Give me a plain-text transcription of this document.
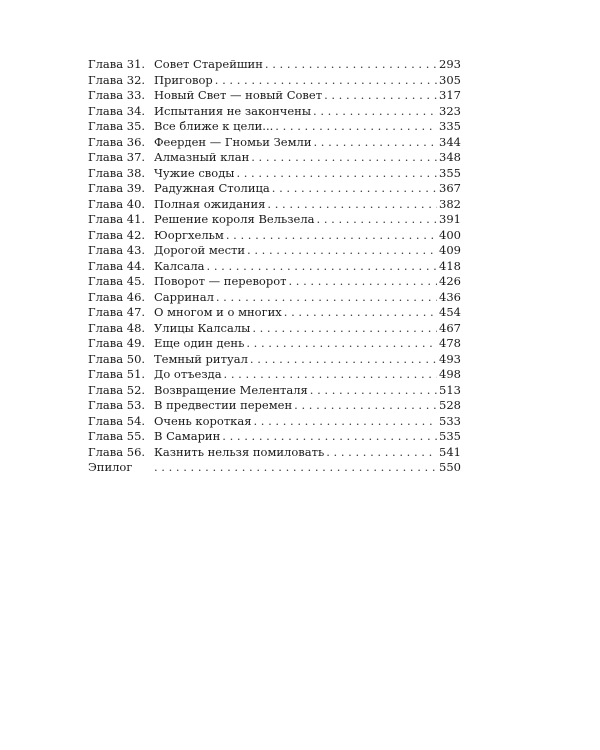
Глава 31. Совет Старейшин . . .	293
Глава 32. Приговор . . .	305
Глава 33. Новый Свет — новый Совет . . .	317
Глава 34. Испытания не закончены . . .	323
Глава 35. Все ближе к цели... . . .	335
Глава 36. Феерден — Гномьи Земли . . .	344
Глава 37. Алмазный клан . . .	348
Глава 38. Чужие своды . . .	355
Глава 39. Радужная Столица . . .	367
Глава 40. Полная ожидания . . .	382
Глава 41. Решение короля Вельзела . . .	391
Глава 42. Юоргхельм . . .	400
Глава 43. Дорогой мести . . .	409
Глава 44. Калсала . . .	418
Глава 45. Поворот — переворот . . .	426
Глава 46. Сарринал . . .	436
Глава 47. О многом и о многих . . .	454
Глава 48. Улицы Калсалы . . .	467
Глава 49. Еще один день . . .	478
Глава 50. Темный ритуал . . .	493
Глава 51. До отъезда . . .	498
Глава 52. Возвращение Меленталя . . .	513
Глава 53. В предвестии перемен . . .	528
Глава 54. Очень короткая . . .	533
Глава 55. В Самарин . . .	535
Глава 56. Казнить нельзя помиловать . . .	541
Эпилог . . .	550
